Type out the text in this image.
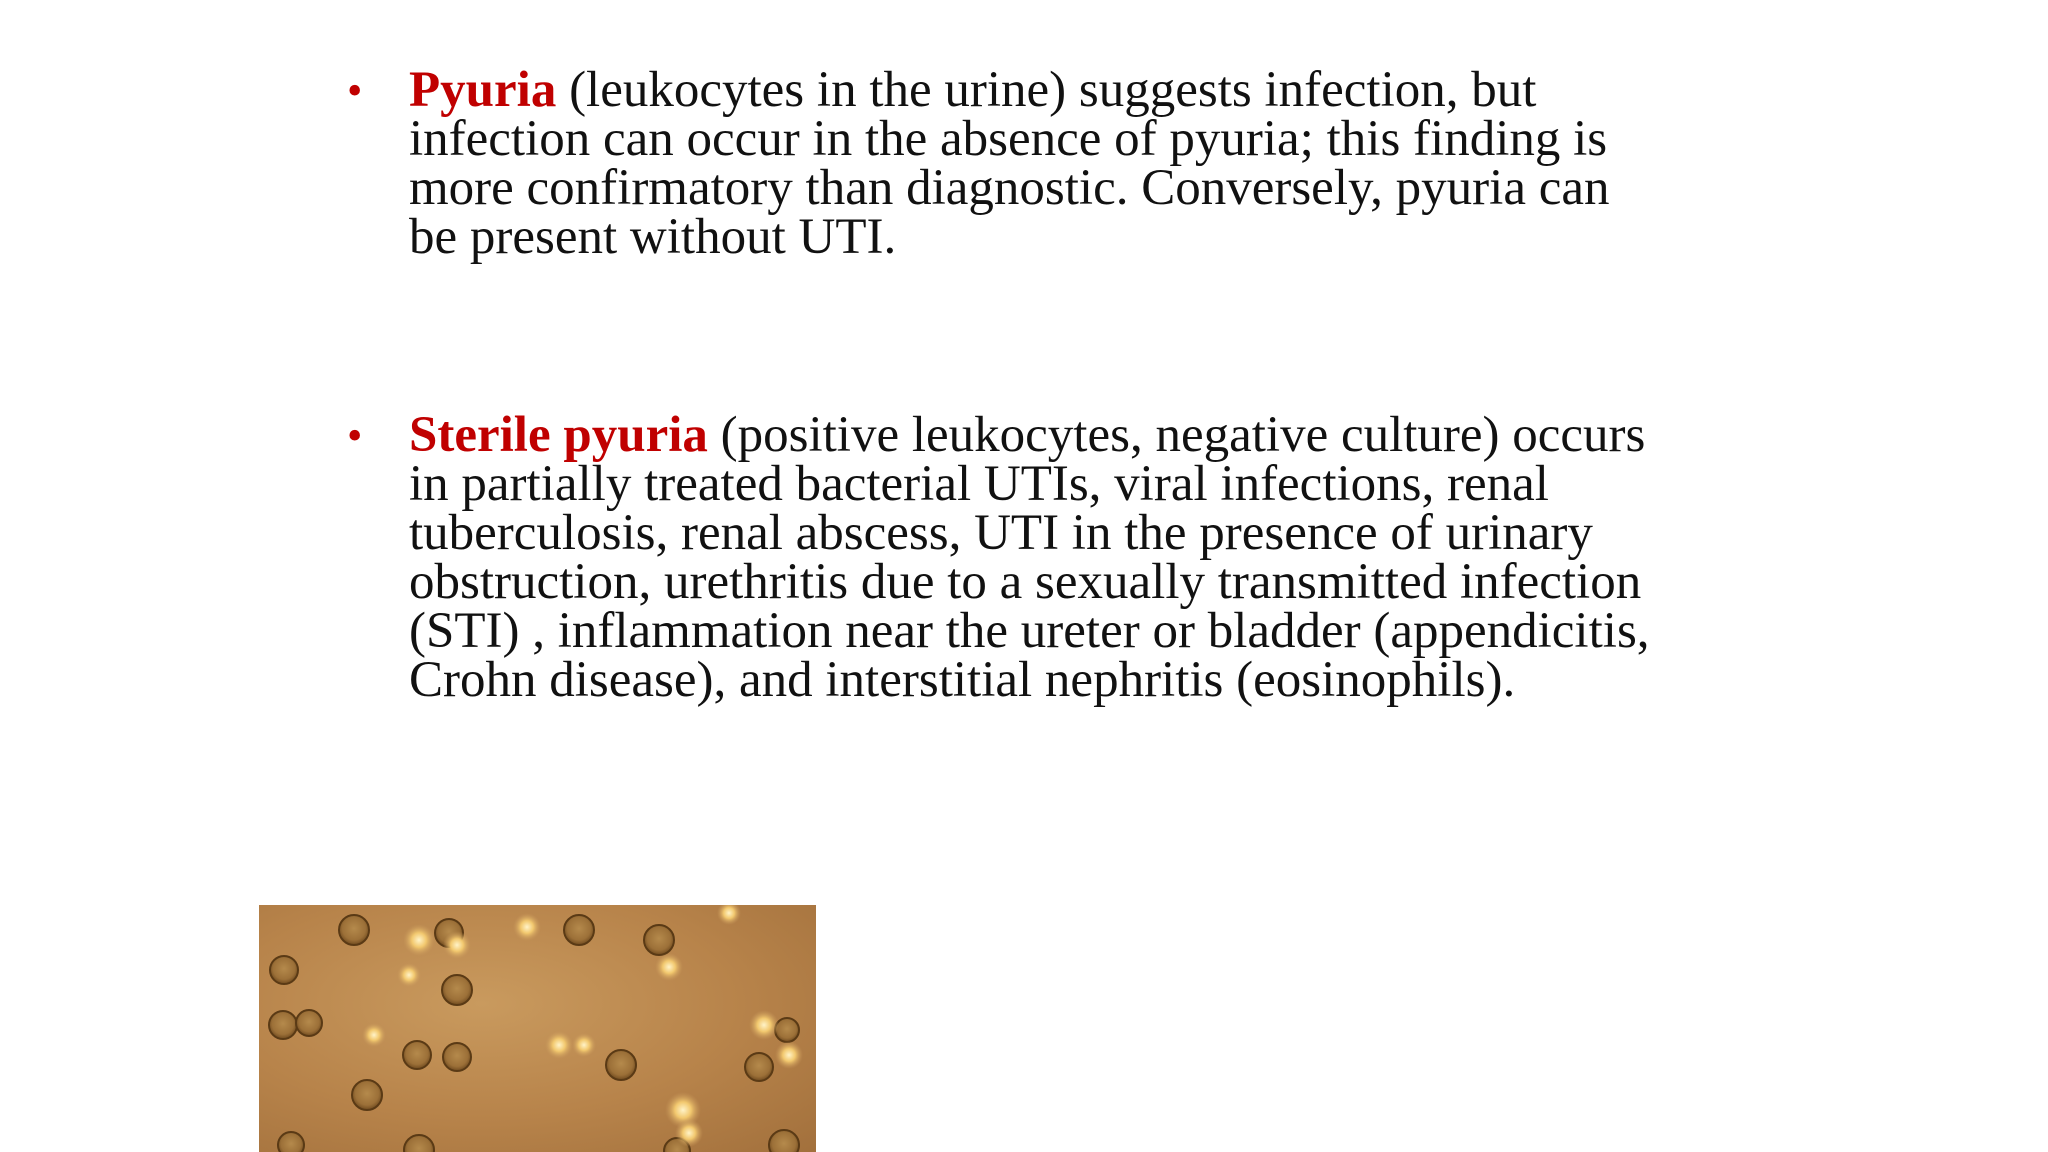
• Pyuria (leukocytes in the urine) suggests infection, but
infection can occur in the absence of pyuria; this finding is
more confirmatory than diagnostic. Conversely, pyuria can
be present without UTI.
• Sterile pyuria (positive leukocytes, negative culture) occurs
in partially treated bacterial UTIs, viral infections, renal
tuberculosis, renal abscess, UTI in the presence of urinary
obstruction, urethritis due to a sexually transmitted infection
(STI) , inflammation near the ureter or bladder (appendicitis,
Crohn disease), and interstitial nephritis (eosinophils).
